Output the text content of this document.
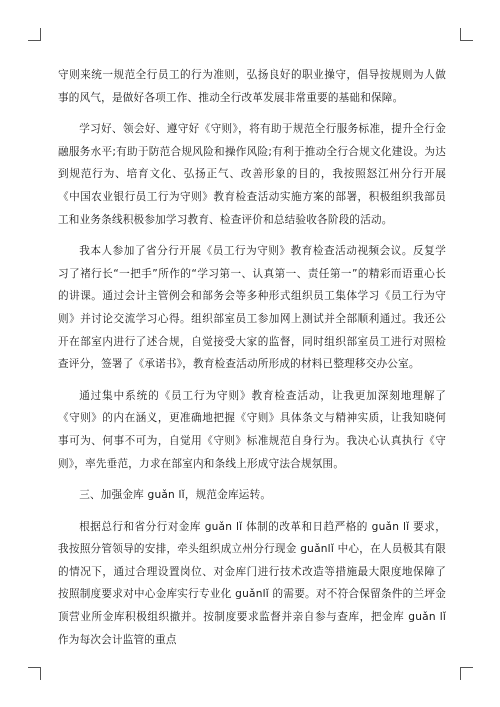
守则来统一规范全行员工的行为准则，弘扬良好的职业操守，倡导按规则为人做事的风气，是做好各项工作、推动全行改革发展非常重要的基础和保障。

学习好、领会好、遵守好《守则》，将有助于规范全行服务标准，提升全行金融服务水平;有助于防范合规风险和操作风险;有利于推动全行合规文化建设。为达到规范行为、培育文化、弘扬正气、改善形象的目的，我按照怒江州分行开展《中国农业银行员工行为守则》教育检查活动实施方案的部署，积极组织我部员工和业务条线积极参加学习教育、检查评价和总结验收各阶段的活动。

我本人参加了省分行开展《员工行为守则》教育检查活动视频会议。反复学习了褚行长“一把手”所作的“学习第一、认真第一、责任第一”的精彩而语重心长的讲课。通过会计主管例会和部务会等多种形式组织员工集体学习《员工行为守则》并讨论交流学习心得。组织部室员工参加网上测试并全部顺利通过。我还公开在部室内进行了述合规，自觉接受大家的监督，同时组织部室员工进行对照检查评分，签署了《承诺书》，教育检查活动所形成的材料已整理移交办公室。

通过集中系统的《员工行为守则》教育检查活动，让我更加深刻地理解了《守则》的内在涵义，更准确地把握《守则》具体条文与精神实质，让我知晓何事可为、何事不可为，自觉用《守则》标准规范自身行为。我决心认真执行《守则》，率先垂范，力求在部室内和条线上形成守法合规氛围。

三、加强金库 guǎn lǐ，规范金库运转。

根据总行和省分行对金库 guǎn lǐ 体制的改革和日趋严格的 guǎn lǐ 要求，我按照分管领导的安排，牵头组织成立州分行现金 guǎnlǐ 中心，在人员极其有限的情况下，通过合理设置岗位、对金库门进行技术改造等措施最大限度地保障了按照制度要求对中心金库实行专业化 guǎnlǐ 的需要。对不符合保留条件的兰坪金顶营业所金库积极组织撤并。按制度要求监督并亲自参与查库，把金库 guǎn lǐ 作为每次会计监管的重点
